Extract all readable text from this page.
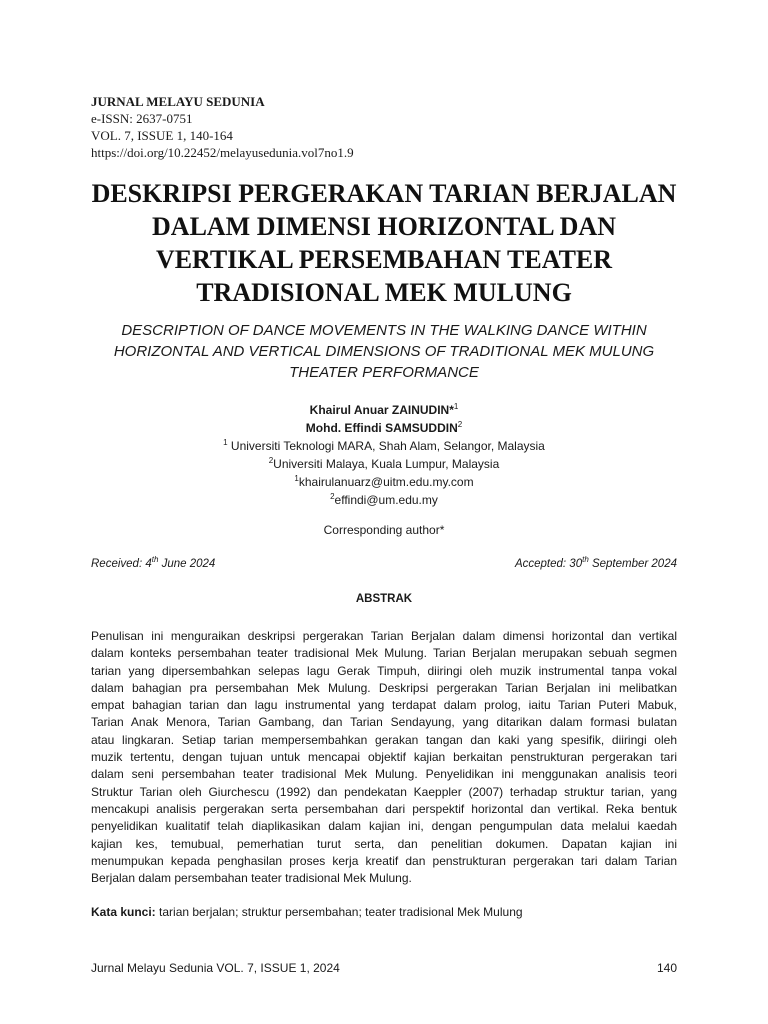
JURNAL MELAYU SEDUNIA
e-ISSN: 2637-0751
VOL. 7, ISSUE 1, 140-164
https://doi.org/10.22452/melayusedunia.vol7no1.9
DESKRIPSI PERGERAKAN TARIAN BERJALAN
DALAM DIMENSI HORIZONTAL DAN
VERTIKAL PERSEMBAHAN TEATER
TRADISIONAL MEK MULUNG
DESCRIPTION OF DANCE MOVEMENTS IN THE WALKING DANCE WITHIN
HORIZONTAL AND VERTICAL DIMENSIONS OF TRADITIONAL MEK MULUNG
THEATER PERFORMANCE
Khairul Anuar ZAINUDIN*$^1$
Mohd. Effindi SAMSUDDIN$^2$
$^1$ Universiti Teknologi MARA, Shah Alam, Selangor, Malaysia
$^2$Universiti Malaya, Kuala Lumpur, Malaysia
$^1$khairulanuarz@uitm.edu.my.com
$^2$effindi@um.edu.my
Corresponding author*
Received: 4th June 2024	Accepted: 30th September 2024
ABSTRAK
Penulisan ini menguraikan deskripsi pergerakan Tarian Berjalan dalam dimensi horizontal dan vertikal
dalam konteks persembahan teater tradisional Mek Mulung. Tarian Berjalan merupakan sebuah segmen
tarian yang dipersembahkan selepas lagu Gerak Timpuh, diiringi oleh muzik instrumental tanpa vokal
dalam bahagian pra persembahan Mek Mulung. Deskripsi pergerakan Tarian Berjalan ini melibatkan
empat bahagian tarian dan lagu instrumental yang terdapat dalam prolog, iaitu Tarian Puteri Mabuk,
Tarian Anak Menora, Tarian Gambang, dan Tarian Sendayung, yang ditarikan dalam formasi bulatan
atau lingkaran. Setiap tarian mempersembahkan gerakan tangan dan kaki yang spesifik, diiringi oleh
muzik tertentu, dengan tujuan untuk mencapai objektif kajian berkaitan penstrukturan pergerakan tari
dalam seni persembahan teater tradisional Mek Mulung. Penyelidikan ini menggunakan analisis teori
Struktur Tarian oleh Giurchescu (1992) dan pendekatan Kaeppler (2007) terhadap struktur tarian, yang
mencakupi analisis pergerakan serta persembahan dari perspektif horizontal dan vertikal. Reka bentuk
penyelidikan kualitatif telah diaplikasikan dalam kajian ini, dengan pengumpulan data melalui kaedah
kajian kes, temubual, pemerhatian turut serta, dan penelitian dokumen. Dapatan kajian ini
menumpukan kepada penghasilan proses kerja kreatif dan penstrukturan pergerakan tari dalam Tarian
Berjalan dalam persembahan teater tradisional Mek Mulung.
Kata kunci: tarian berjalan; struktur persembahan; teater tradisional Mek Mulung
Jurnal Melayu Sedunia VOL. 7, ISSUE 1, 2024	140
